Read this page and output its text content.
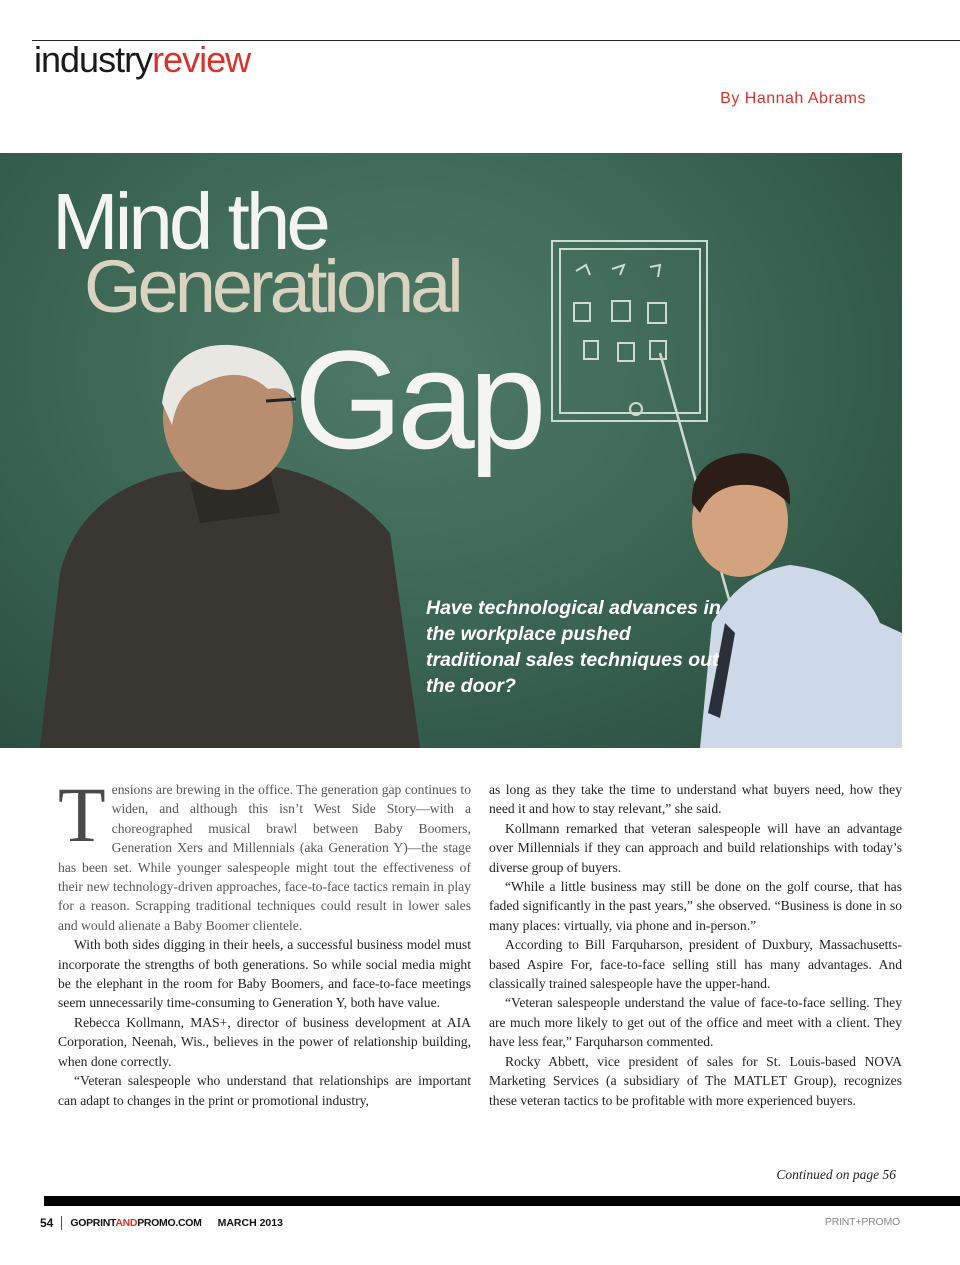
industryreview
By Hannah Abrams
Mind the
Generational
Gap
Have technological advances in the workplace pushed traditional sales techniques out the door?

Tensions are brewing in the office. The generation gap continues to widen, and although this isn’t West Side Story—with a choreographed musical brawl between Baby Boomers, Generation Xers and Millennials (aka Generation Y)—the stage has been set. While younger salespeople might tout the effectiveness of their new technology-driven approaches, face-to-face tactics remain in play for a reason. Scrapping traditional techniques could result in lower sales and would alienate a Baby Boomer clientele.

With both sides digging in their heels, a successful business model must incorporate the strengths of both generations. So while social media might be the elephant in the room for Baby Boomers, and face-to-face meetings seem unnecessarily time-consuming to Generation Y, both have value.

Rebecca Kollmann, MAS+, director of business development at AIA Corporation, Neenah, Wis., believes in the power of relationship building, when done correctly.

“Veteran salespeople who understand that relationships are important can adapt to changes in the print or promotional industry,

as long as they take the time to understand what buyers need, how they need it and how to stay relevant,” she said.

Kollmann remarked that veteran salespeople will have an advantage over Millennials if they can approach and build relationships with today’s diverse group of buyers.

“While a little business may still be done on the golf course, that has faded significantly in the past years,” she observed. “Business is done in so many places: virtually, via phone and in-person.”

According to Bill Farquharson, president of Duxbury, Massachusetts-based Aspire For, face-to-face selling still has many advantages. And classically trained salespeople have the upper-hand.

“Veteran salespeople understand the value of face-to-face selling. They are much more likely to get out of the office and meet with a client. They have less fear,” Farquharson commented.

Rocky Abbett, vice president of sales for St. Louis-based NOVA Marketing Services (a subsidiary of The MATLET Group), recognizes these veteran tactics to be profitable with more experienced buyers.

Continued on page 56
54 GOPRINTANDPROMO.COM MARCH 2013	PRINT+PROMO
